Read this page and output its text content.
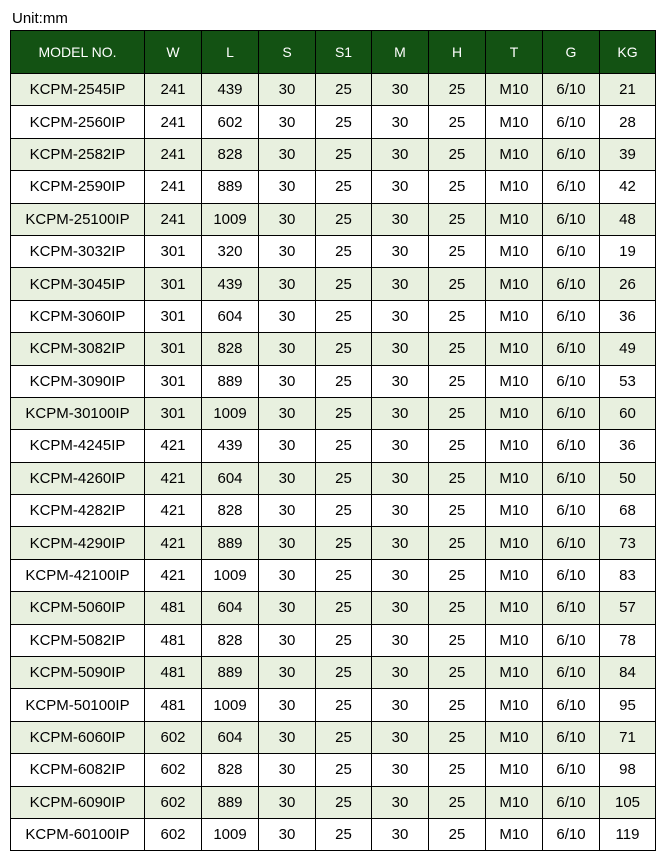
Unit:mm
MODEL NO.	W	L	S	S1	M	H	T	G	KG
KCPM-2545IP	241	439	30	25	30	25	M10	6/10	21
KCPM-2560IP	241	602	30	25	30	25	M10	6/10	28
KCPM-2582IP	241	828	30	25	30	25	M10	6/10	39
KCPM-2590IP	241	889	30	25	30	25	M10	6/10	42
KCPM-25100IP	241	1009	30	25	30	25	M10	6/10	48
KCPM-3032IP	301	320	30	25	30	25	M10	6/10	19
KCPM-3045IP	301	439	30	25	30	25	M10	6/10	26
KCPM-3060IP	301	604	30	25	30	25	M10	6/10	36
KCPM-3082IP	301	828	30	25	30	25	M10	6/10	49
KCPM-3090IP	301	889	30	25	30	25	M10	6/10	53
KCPM-30100IP	301	1009	30	25	30	25	M10	6/10	60
KCPM-4245IP	421	439	30	25	30	25	M10	6/10	36
KCPM-4260IP	421	604	30	25	30	25	M10	6/10	50
KCPM-4282IP	421	828	30	25	30	25	M10	6/10	68
KCPM-4290IP	421	889	30	25	30	25	M10	6/10	73
KCPM-42100IP	421	1009	30	25	30	25	M10	6/10	83
KCPM-5060IP	481	604	30	25	30	25	M10	6/10	57
KCPM-5082IP	481	828	30	25	30	25	M10	6/10	78
KCPM-5090IP	481	889	30	25	30	25	M10	6/10	84
KCPM-50100IP	481	1009	30	25	30	25	M10	6/10	95
KCPM-6060IP	602	604	30	25	30	25	M10	6/10	71
KCPM-6082IP	602	828	30	25	30	25	M10	6/10	98
KCPM-6090IP	602	889	30	25	30	25	M10	6/10	105
KCPM-60100IP	602	1009	30	25	30	25	M10	6/10	119
